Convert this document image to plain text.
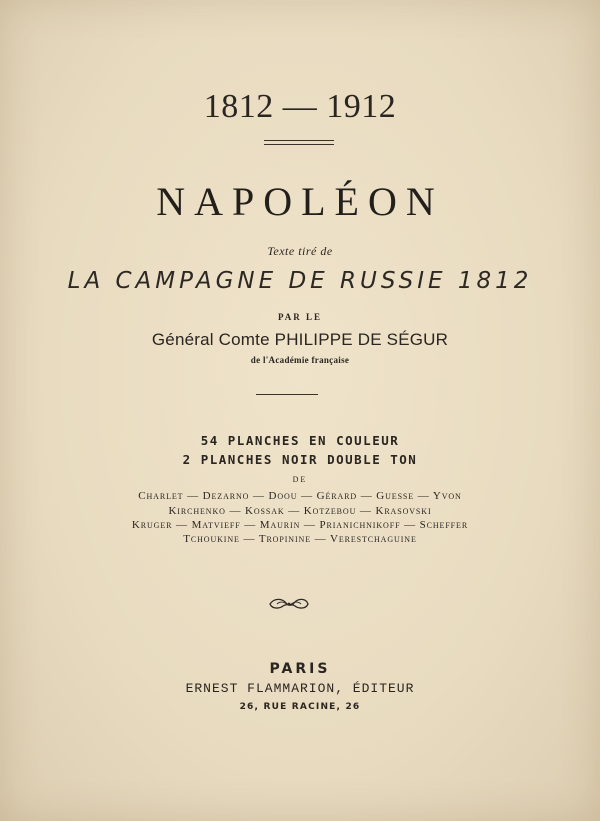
1812 — 1912
NAPOLÉON
Texte tiré de
LA CAMPAGNE DE RUSSIE 1812
PAR LE
Général Comte PHILIPPE DE SÉGUR
de l'Académie française
54 PLANCHES EN COULEUR
2 PLANCHES NOIR DOUBLE TON
DE
Charlet — Dezarno — Doou — Gérard — Guesse — Yvon
Kirchenko — Kossak — Kotzebou — Krasovski
Kruger — Matvieff — Maurin — Prianichnikoff — Scheffer
Tchoukine — Tropinine — Verestchaguine
PARIS
ERNEST FLAMMARION, ÉDITEUR
26, RUE RACINE, 26
